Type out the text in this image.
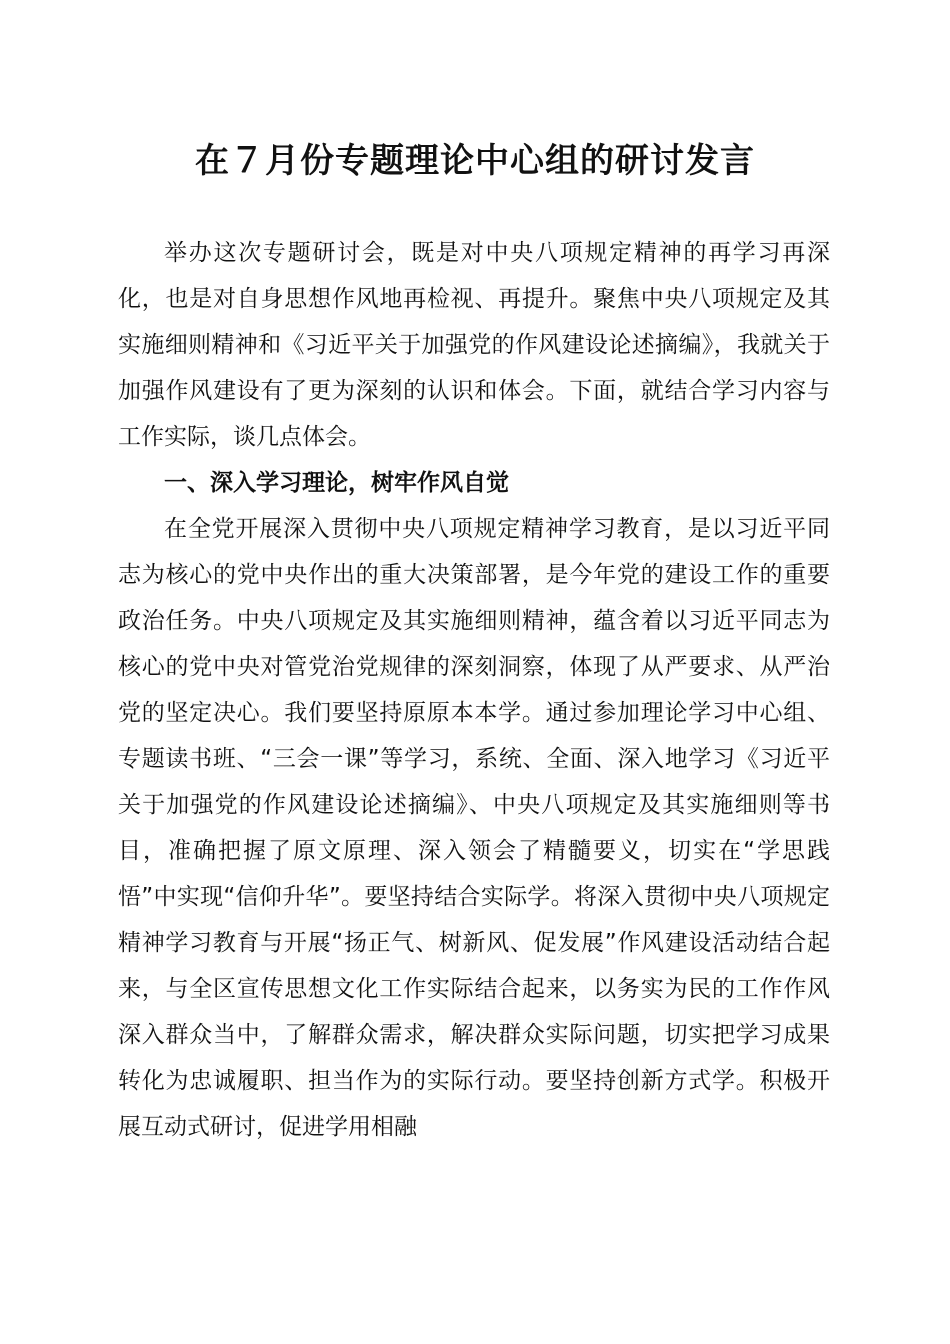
在７月份专题理论中心组的研讨发言

举办这次专题研讨会，既是对中央八项规定精神的再学习再深化，也是对自身思想作风地再检视、再提升。聚焦中央八项规定及其实施细则精神和《习近平关于加强党的作风建设论述摘编》，我就关于加强作风建设有了更为深刻的认识和体会。下面，就结合学习内容与工作实际，谈几点体会。

一、深入学习理论，树牢作风自觉

在全党开展深入贯彻中央八项规定精神学习教育，是以习近平同志为核心的党中央作出的重大决策部署，是今年党的建设工作的重要政治任务。中央八项规定及其实施细则精神，蕴含着以习近平同志为核心的党中央对管党治党规律的深刻洞察，体现了从严要求、从严治党的坚定决心。我们要坚持原原本本学。通过参加理论学习中心组、专题读书班、“三会一课”等学习，系统、全面、深入地学习《习近平关于加强党的作风建设论述摘编》、中央八项规定及其实施细则等书目，准确把握了原文原理、深入领会了精髓要义，切实在“学思践悟”中实现“信仰升华”。要坚持结合实际学。将深入贯彻中央八项规定精神学习教育与开展“扬正气、树新风、促发展”作风建设活动结合起来，与全区宣传思想文化工作实际结合起来，以务实为民的工作作风深入群众当中，了解群众需求，解决群众实际问题，切实把学习成果转化为忠诚履职、担当作为的实际行动。要坚持创新方式学。积极开展互动式研讨，促进学用相融
